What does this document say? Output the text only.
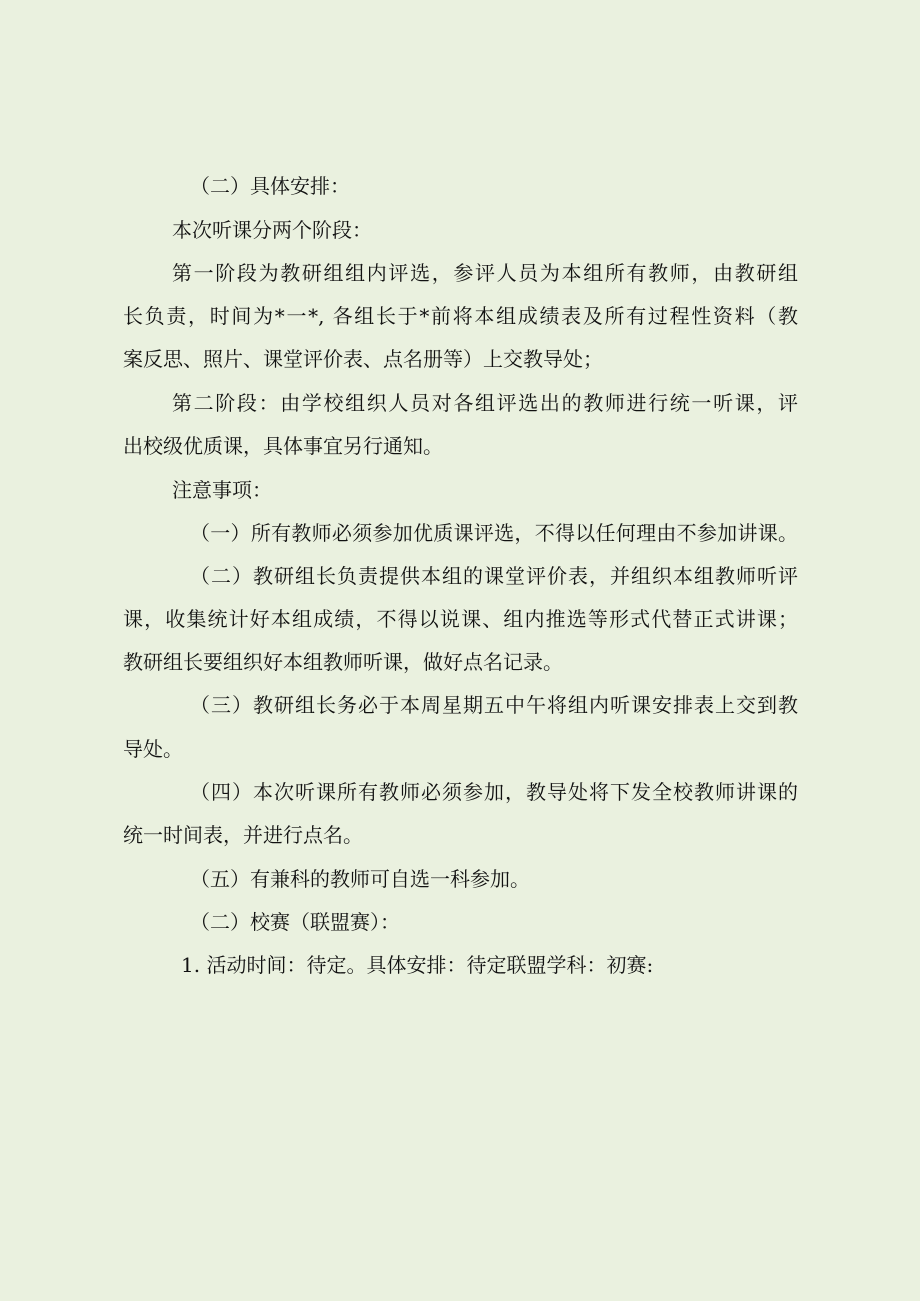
（二）具体安排：
本次听课分两个阶段：
第一阶段为教研组组内评选，参评人员为本组所有教师，由教研组
长负责，时间为*一*, 各组长于*前将本组成绩表及所有过程性资料（教
案反思、照片、课堂评价表、点名册等）上交教导处；
第二阶段：由学校组织人员对各组评选出的教师进行统一听课，评
出校级优质课，具体事宜另行通知。
注意事项：
（一）所有教师必须参加优质课评选，不得以任何理由不参加讲课。
（二）教研组长负责提供本组的课堂评价表，并组织本组教师听评
课，收集统计好本组成绩，不得以说课、组内推选等形式代替正式讲课；
教研组长要组织好本组教师听课，做好点名记录。
（三）教研组长务必于本周星期五中午将组内听课安排表上交到教
导处。
（四）本次听课所有教师必须参加，教导处将下发全校教师讲课的
统一时间表，并进行点名。
（五）有兼科的教师可自选一科参加。
（二）校赛（联盟赛）：
1. 活动时间：待定。具体安排：待定联盟学科：初赛:
